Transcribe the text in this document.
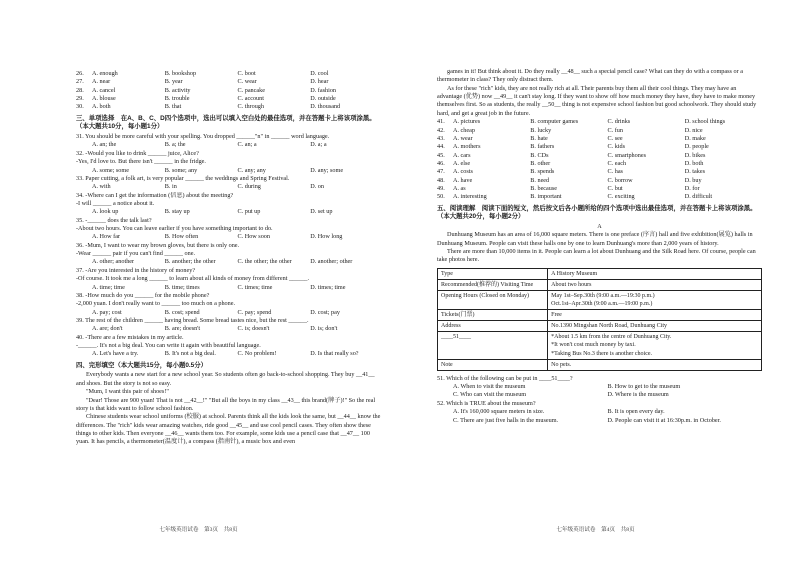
26.	A. enough	B. bookshop	C. boot	D. cool
27.	A. near	B. year	C. wear	D. hear
28.	A. cancel	B. activity	C. pancake	D. fashion
29.	A. blouse	B. trouble	C. account	D. outside
30.	A. both	B. that	C. through	D. thousand
三、单项选择　在A、B、C、D四个选项中，选出可以填入空白处的最佳选项，并在答题卡上将该项涂黑。（本大题共10分，每小题1分）
31. You should be more careful with your spelling. You dropped ______"n" in ______ word language.
A. an; the	B. a; the	C. an; a	D. a; a
32. -Would you like to drink ______ juice, Alice?
-Yes, I'd love to. But there isn't ______ in the fridge.
A. some; some	B. some; any	C. any; any	D. any; some
33. Paper cutting, a folk art, is very popular ______ the weddings and Spring Festival.
A. with	B. in	C. during	D. on
34. -Where can I get the information (信息) about the meeting?
-I will ______ a notice about it.
A. look up	B. stay up	C. put up	D. set up
35. -______ does the talk last?
-About two hours. You can leave earlier if you have something important to do.
A. How far	B. How often	C. How soon	D. How long
36. -Mum, I want to wear my brown gloves, but there is only one.
-Wear ______ pair if you can't find ______ one.
A. other; another	B. another; the other	C. the other; the other	D. another; other
37. -Are you interested in the history of money?
-Of course. It took me a long ______ to learn about all kinds of money from different ______.
A. time; time	B. time; times	C. times; time	D. times; time
38. -How much do you ______ for the mobile phone?
-2,000 yuan. I don't really want to ______ too much on a phone.
A. pay; cost	B. cost; spend	C. pay; spend	D. cost; pay
39. The rest of the children ______ having bread. Some bread tastes nice, but the rest ______.
A. are; don't	B. are; doesn't	C. is; doesn't	D. is; don't
40. -There are a few mistakes in my article.
-______. It's not a big deal. You can write it again with beautiful language.
A. Let's have a try.	B. It's not a big deal.	C. No problem!	D. Is that really so?
四、完形填空（本大题共15分，每小题0.5分）

Everybody wants a new start for a new school year. So students often go back-to-school shopping. They buy __41__ and shoes. But the story is not so easy.

"Mum, I want this pair of shoes!"

"Dear! Those are 900 yuan! That is not __42__!" "But all the boys in my class __43__ this brand(牌子)!" So the real story is that kids want to follow school fashion.

Chinese students wear school uniforms (校服) at school. Parents think all the kids look the same, but __44__ know the differences. The "rich" kids wear amazing watches, ride good __45__ and use cool pencil cases. They often show these things to other kids. Then everyone __46__ wants them too. For example, some kids use a pencil case that __47__ 100 yuan. It has pencils, a thermometer(温度计), a compass (指南针), a music box and even

七年级英语试卷　第3页　共8页

games in it! But think about it. Do they really __48__ such a special pencil case? What can they do with a compass or a thermometer in class? They only distract them.

As for these "rich" kids, they are not really rich at all. Their parents buy them all their cool things. They may have an advantage (优势) now __49__ it can't stay long. If they want to show off how much money they have, they have to make money themselves first. So as students, the really __50__ thing is not expensive school fashion but good schoolwork. They should study hard, and get a great job in the future.

41.	A. pictures	B. computer games	C. drinks	D. school things
42.	A. cheap	B. lucky	C. fun	D. nice
43.	A. wear	B. hate	C. see	D. make
44.	A. mothers	B. fathers	C. kids	D. people
45.	A. cars	B. CDs	C. smartphones	D. bikes
46.	A. else	B. other	C. each	D. both
47.	A. costs	B. spends	C. has	D. takes
48.	A. have	B. need	C. borrow	D. buy
49.	A. as	B. because	C. but	D. for
50.	A. interesting	B. important	C. exciting	D. difficult
五、阅读理解　阅读下面的短文，然后按文后各小题所给的四个选项中选出最佳选项，并在答题卡上将该项涂黑。（本大题共20分，每小题2分）
A

Dunhuang Museum has an area of 16,000 square meters. There is one preface (序言) hall and five exhibition(展览) halls in Dunhuang Museum. People can visit these halls one by one to learn Dunhuang's more than 2,000 years of history.

There are more than 10,000 items in it. People can learn a lot about Dunhuang and the Silk Road here. Of course, people can take photos here.

Type	A History Museum
Recommended(推荐的) Visiting Time	About two hours
Opening Hours (Closed on Monday)	May 1st–Sep.30th (9:00 a.m.—19:30 p.m.)
Oct.1st–Apr.30th (9:00 a.m.—19:00 p.m.)
Tickets(门票)	Free
Address	No.1390 Mingshan North Road, Dunhuang City
____51____	*About 1.5 km from the centre of Dunhuang City.
*It won't cost much money by taxi.
*Taking Bus No.3 there is another choice.
Note	No pets.
51. Which of the following can be put in ____51____?
A. When to visit the museum	B. How to get to the museum
C. Who can visit the museum	D. Where is the museum
52. Which is TRUE about the museum?
A. It's 160,000 square meters in size.	B. It is open every day.
C. There are just five halls in the museum.	D. People can visit it at 16:30p.m. in October.
七年级英语试卷　第4页　共8页
